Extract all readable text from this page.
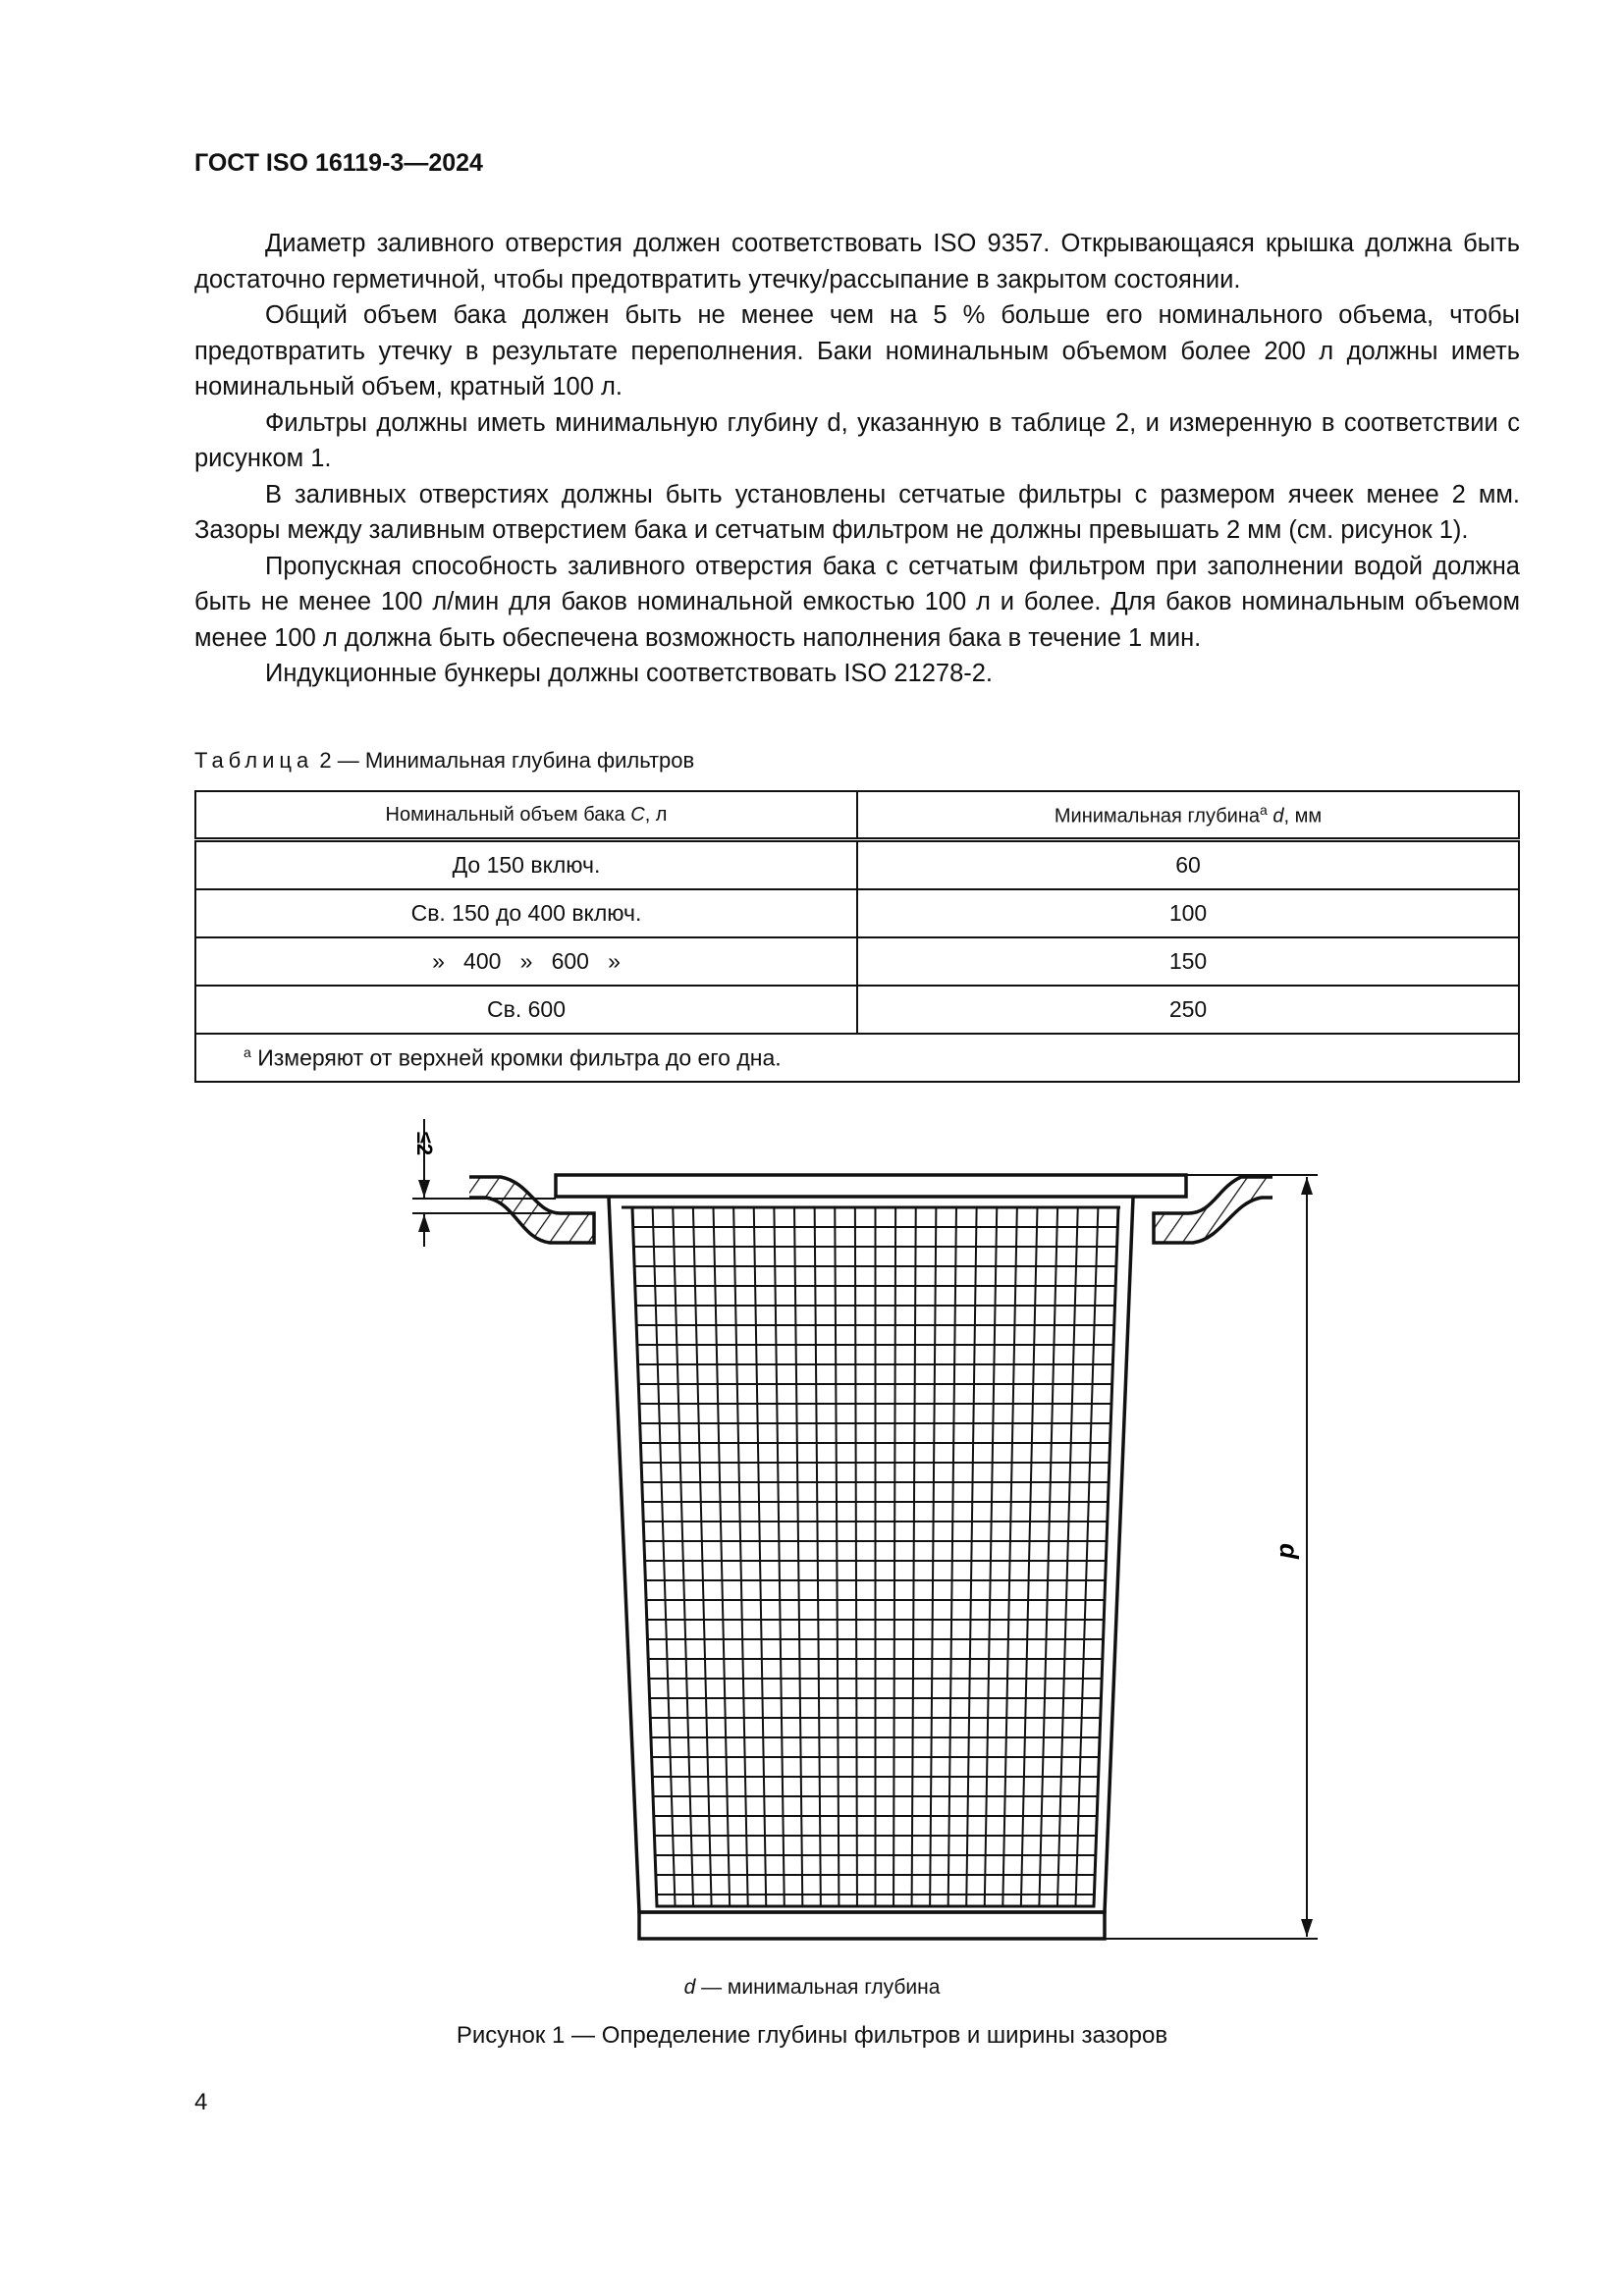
ГОСТ ISO 16119-3—2024

Диаметр заливного отверстия должен соответствовать ISO 9357. Открывающаяся крышка должна быть достаточно герметичной, чтобы предотвратить утечку/рассыпание в закрытом состоянии.

Общий объем бака должен быть не менее чем на 5 % больше его номинального объема, чтобы предотвратить утечку в результате переполнения. Баки номинальным объемом более 200 л должны иметь номинальный объем, кратный 100 л.

Фильтры должны иметь минимальную глубину d, указанную в таблице 2, и измеренную в соответствии с рисунком 1.

В заливных отверстиях должны быть установлены сетчатые фильтры с размером ячеек менее 2 мм. Зазоры между заливным отверстием бака и сетчатым фильтром не должны превышать 2 мм (см. рисунок 1).

Пропускная способность заливного отверстия бака с сетчатым фильтром при заполнении водой должна быть не менее 100 л/мин для баков номинальной емкостью 100 л и более. Для баков номинальным объемом менее 100 л должна быть обеспечена возможность наполнения бака в течение 1 мин.

Индукционные бункеры должны соответствовать ISO 21278-2.

Таблица 2 — Минимальная глубина фильтров
Номинальный объем бака C, л	Минимальная глубина$^a$ d, мм
До 150 включ.	60
Св. 150 до 400 включ.	100
»   400   »   600   »	150
Св. 600	250
$^a$ Измеряют от верхней кромки фильтра до его дна.	
≤2
d
d — минимальная глубина
Рисунок 1 — Определение глубины фильтров и ширины зазоров
4
